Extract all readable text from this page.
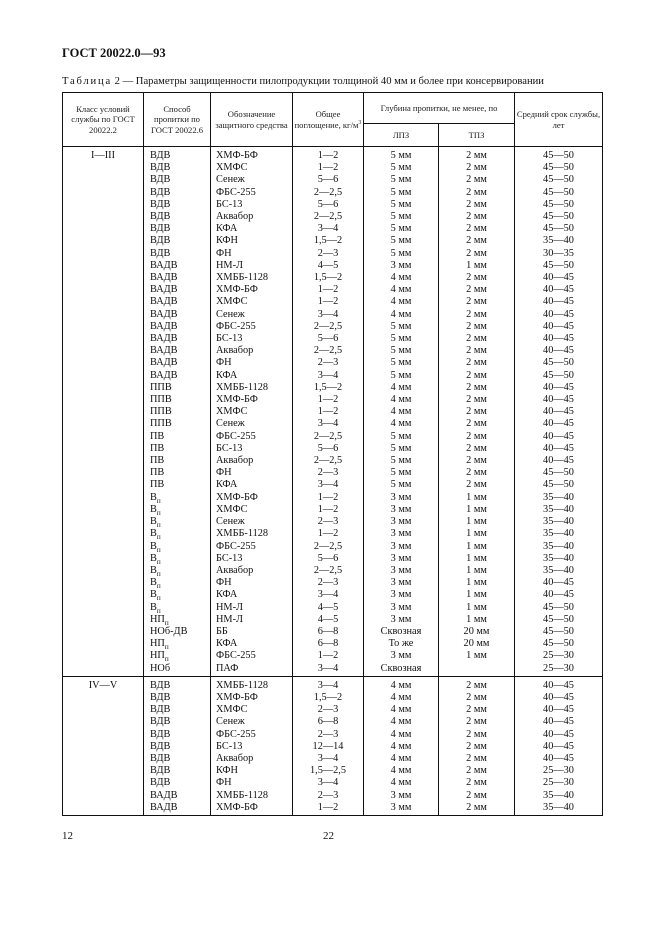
ГОСТ 20022.0—93
Таблица 2 — Параметры защищенности пилопродукции толщиной 40 мм и более при консервировании
Класс условий службы по ГОСТ 20022.2	Способ пропитки по ГОСТ 20022.6	Обозначение защитного средства	Общее поглощение, $кг/м^3$	Глубина пропитки, не менее, по		Средний срок службы, лет
				ЛПЗ	ТПЗ	
I—III	ВДВ	ХМФ-БФ	1—2	5 мм	2 мм	45—50
	ВДВ	ХМФС	1—2	5 мм	2 мм	45—50
	ВДВ	Сенеж	5—6	5 мм	2 мм	45—50
	ВДВ	ФБС-255	2—2,5	5 мм	2 мм	45—50
	ВДВ	БС-13	5—6	5 мм	2 мм	45—50
	ВДВ	Аквабор	2—2,5	5 мм	2 мм	45—50
	ВДВ	КФА	3—4	5 мм	2 мм	45—50
	ВДВ	КФН	1,5—2	5 мм	2 мм	35—40
	ВДВ	ФН	2—3	5 мм	2 мм	30—35
	ВАДВ	НМ-Л	4—5	3 мм	1 мм	45—50
	ВАДВ	ХМББ-1128	1,5—2	4 мм	2 мм	40—45
	ВАДВ	ХМФ-БФ	1—2	4 мм	2 мм	40—45
	ВАДВ	ХМФС	1—2	4 мм	2 мм	40—45
	ВАДВ	Сенеж	3—4	4 мм	2 мм	40—45
	ВАДВ	ФБС-255	2—2,5	5 мм	2 мм	40—45
	ВАДВ	БС-13	5—6	5 мм	2 мм	40—45
	ВАДВ	Аквабор	2—2,5	5 мм	2 мм	40—45
	ВАДВ	ФН	2—3	5 мм	2 мм	45—50
	ВАДВ	КФА	3—4	5 мм	2 мм	45—50
	ППВ	ХМББ-1128	1,5—2	4 мм	2 мм	40—45
	ППВ	ХМФ-БФ	1—2	4 мм	2 мм	40—45
	ППВ	ХМФС	1—2	4 мм	2 мм	40—45
	ППВ	Сенеж	3—4	4 мм	2 мм	40—45
	ПВ	ФБС-255	2—2,5	5 мм	2 мм	40—45
	ПВ	БС-13	5—6	5 мм	2 мм	40—45
	ПВ	Аквабор	2—2,5	5 мм	2 мм	40—45
	ПВ	ФН	2—3	5 мм	2 мм	45—50
	ПВ	КФА	3—4	5 мм	2 мм	45—50
	$В_п$	ХМФ-БФ	1—2	3 мм	1 мм	35—40
	$В_п$	ХМФС	1—2	3 мм	1 мм	35—40
	$В_п$	Сенеж	2—3	3 мм	1 мм	35—40
	$В_п$	ХМББ-1128	1—2	3 мм	1 мм	35—40
	$В_п$	ФБС-255	2—2,5	3 мм	1 мм	35—40
	$В_п$	БС-13	5—6	3 мм	1 мм	35—40
	$В_п$	Аквабор	2—2,5	3 мм	1 мм	35—40
	$В_п$	ФН	2—3	3 мм	1 мм	40—45
	$В_п$	КФА	3—4	3 мм	1 мм	40—45
	$В_п$	НМ-Л	4—5	3 мм	1 мм	45—50
	$НП_п$	НМ-Л	4—5	3 мм	1 мм	45—50
	НОб-ДВ	ББ	6—8	Сквозная	20 мм	45—50
	$НП_п$	КФА	6—8	То же	20 мм	45—50
	$НП_п$	ФБС-255	1—2	3 мм	1 мм	25—30
	НОб	ПАФ	3—4	Сквозная		25—30
IV—V	ВДВ	ХМББ-1128	3—4	4 мм	2 мм	40—45
	ВДВ	ХМФ-БФ	1,5—2	4 мм	2 мм	40—45
	ВДВ	ХМФС	2—3	4 мм	2 мм	40—45
	ВДВ	Сенеж	6—8	4 мм	2 мм	40—45
	ВДВ	ФБС-255	2—3	4 мм	2 мм	40—45
	ВДВ	БС-13	12—14	4 мм	2 мм	40—45
	ВДВ	Аквабор	3—4	4 мм	2 мм	40—45
	ВДВ	КФН	1,5—2,5	4 мм	2 мм	25—30
	ВДВ	ФН	3—4	4 мм	2 мм	25—30
	ВАДВ	ХМББ-1128	2—3	3 мм	2 мм	35—40
	ВАДВ	ХМФ-БФ	1—2	3 мм	2 мм	35—40
12	22
